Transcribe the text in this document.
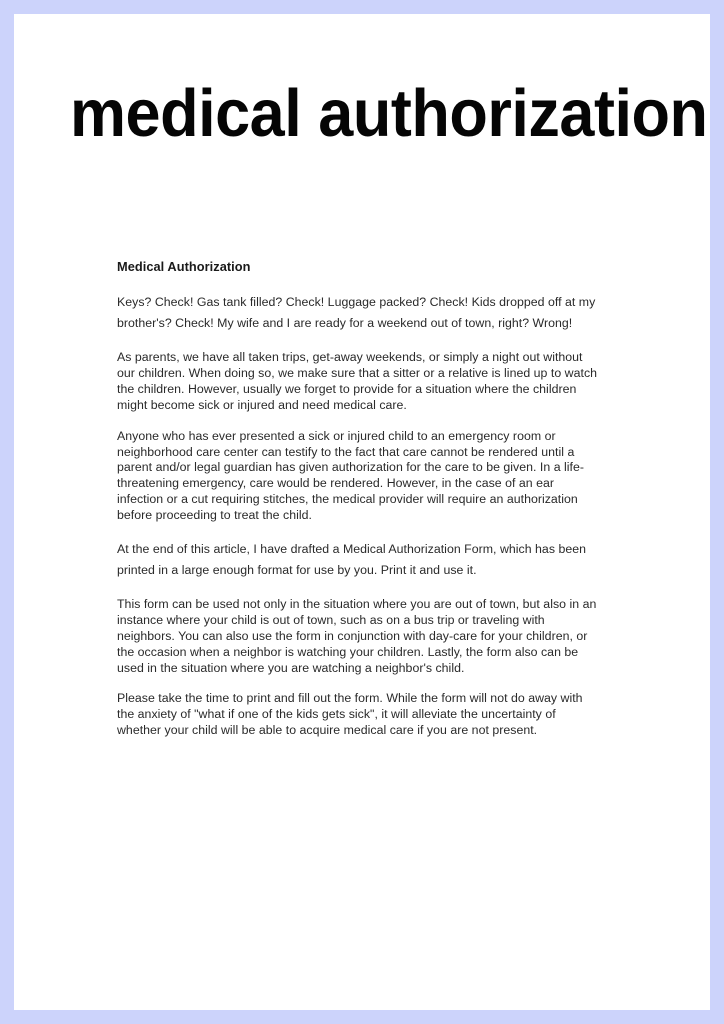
medical authorization
Medical Authorization

Keys? Check! Gas tank filled? Check! Luggage packed? Check! Kids dropped off at my brother's? Check! My wife and I are ready for a weekend out of town, right? Wrong!

As parents, we have all taken trips, get-away weekends, or simply a night out without our children. When doing so, we make sure that a sitter or a relative is lined up to watch the children. However, usually we forget to provide for a situation where the children might become sick or injured and need medical care.

Anyone who has ever presented a sick or injured child to an emergency room or neighborhood care center can testify to the fact that care cannot be rendered until a parent and/or legal guardian has given authorization for the care to be given. In a life-threatening emergency, care would be rendered. However, in the case of an ear infection or a cut requiring stitches, the medical provider will require an authorization before proceeding to treat the child.

At the end of this article, I have drafted a Medical Authorization Form, which has been printed in a large enough format for use by you. Print it and use it.

This form can be used not only in the situation where you are out of town, but also in an instance where your child is out of town, such as on a bus trip or traveling with neighbors. You can also use the form in conjunction with day-care for your children, or the occasion when a neighbor is watching your children. Lastly, the form also can be used in the situation where you are watching a neighbor's child.

Please take the time to print and fill out the form. While the form will not do away with the anxiety of "what if one of the kids gets sick", it will alleviate the uncertainty of whether your child will be able to acquire medical care if you are not present.
